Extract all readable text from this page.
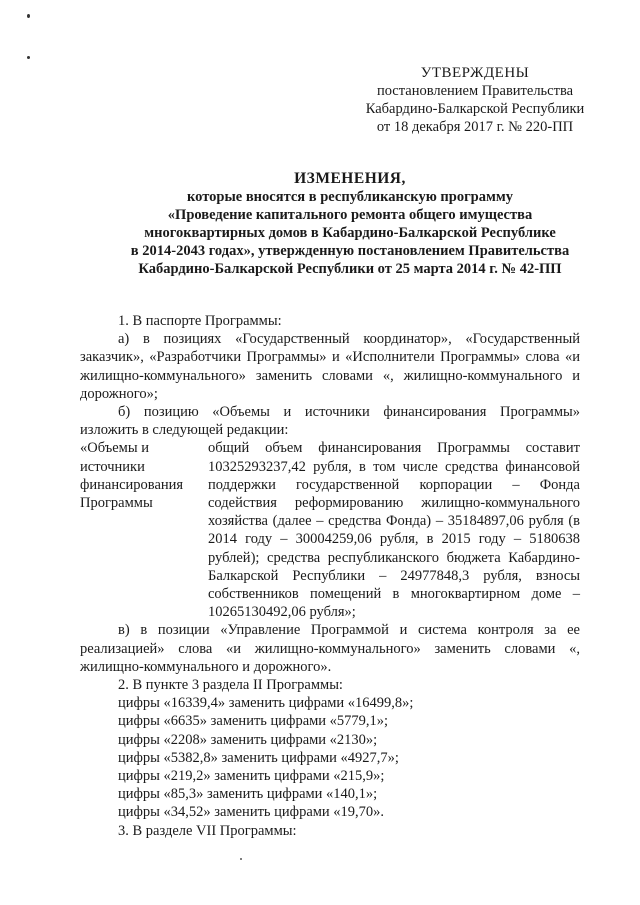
УТВЕРЖДЕНЫ
постановлением Правительства
Кабардино-Балкарской Республики
от 18 декабря 2017 г. № 220-ПП
ИЗМЕНЕНИЯ,
которые вносятся в республиканскую программу
«Проведение капитального ремонта общего имущества
многоквартирных домов в Кабардино-Балкарской Республике
в 2014-2043 годах», утвержденную постановлением Правительства
Кабардино-Балкарской Республики от 25 марта 2014 г. № 42-ПП

1. В паспорте Программы:

а) в позициях «Государственный координатор», «Государственный заказчик», «Разработчики Программы» и «Исполнители Программы» слова «и жилищно-коммунального» заменить словами «, жилищно-коммунального и дорожного»;

б) позицию «Объемы и источники финансирования Программы» изложить в следующей редакции:

«Объемы и
источники
финансирования
Программы
общий объем финансирования Программы составит 10325293237,42 рубля, в том числе средства финансовой поддержки государственной корпорации – Фонда содействия реформированию жилищно-коммунального хозяйства (далее – средства Фонда) – 35184897,06 рубля (в 2014 году – 30004259,06 рубля, в 2015 году – 5180638 рублей); средства республиканского бюджета Кабардино-Балкарской Республики – 24977848,3 рубля, взносы собственников помещений в многоквартирном доме – 10265130492,06 рубля»;

в) в позиции «Управление Программой и система контроля за ее реализацией» слова «и жилищно-коммунального» заменить словами «, жилищно-коммунального и дорожного».

2. В пункте 3 раздела II Программы:

цифры «16339,4» заменить цифрами «16499,8»;

цифры «6635» заменить цифрами «5779,1»;

цифры «2208» заменить цифрами «2130»;

цифры «5382,8» заменить цифрами «4927,7»;

цифры «219,2» заменить цифрами «215,9»;

цифры «85,3» заменить цифрами «140,1»;

цифры «34,52» заменить цифрами «19,70».

3. В разделе VII Программы:
